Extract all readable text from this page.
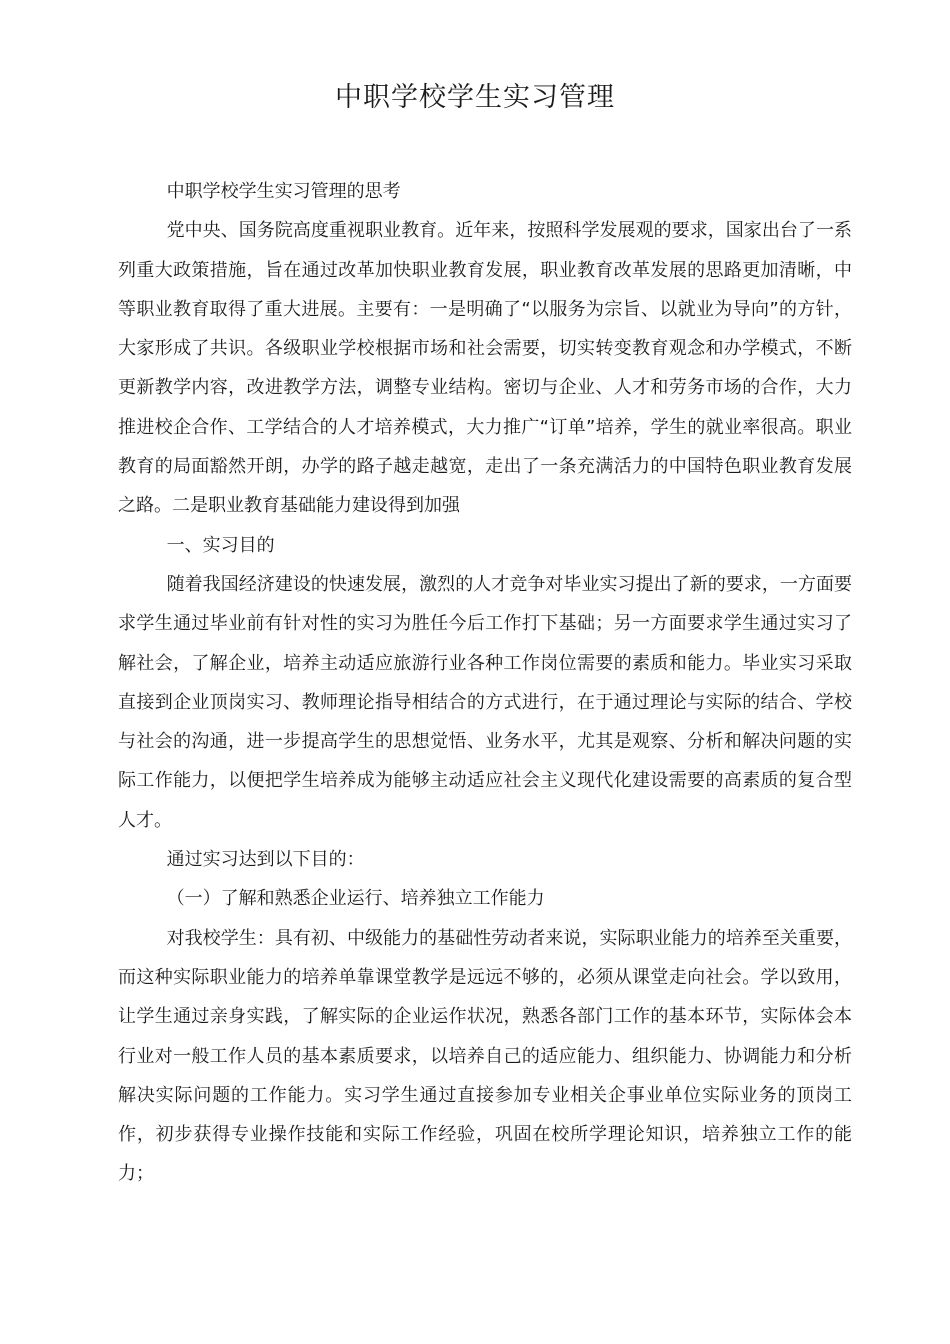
中职学校学生实习管理

中职学校学生实习管理的思考

党中央、国务院高度重视职业教育。近年来，按照科学发展观的要求，国家出台了一系列重大政策措施，旨在通过改革加快职业教育发展，职业教育改革发展的思路更加清晰，中等职业教育取得了重大进展。主要有：一是明确了“以服务为宗旨、以就业为导向”的方针，大家形成了共识。各级职业学校根据市场和社会需要，切实转变教育观念和办学模式，不断更新教学内容，改进教学方法，调整专业结构。密切与企业、人才和劳务市场的合作，大力推进校企合作、工学结合的人才培养模式，大力推广“订单”培养，学生的就业率很高。职业教育的局面豁然开朗，办学的路子越走越宽，走出了一条充满活力的中国特色职业教育发展之路。二是职业教育基础能力建设得到加强

一、实习目的

随着我国经济建设的快速发展，激烈的人才竞争对毕业实习提出了新的要求，一方面要求学生通过毕业前有针对性的实习为胜任今后工作打下基础；另一方面要求学生通过实习了解社会，了解企业，培养主动适应旅游行业各种工作岗位需要的素质和能力。毕业实习采取直接到企业顶岗实习、教师理论指导相结合的方式进行，在于通过理论与实际的结合、学校与社会的沟通，进一步提高学生的思想觉悟、业务水平，尤其是观察、分析和解决问题的实际工作能力，以便把学生培养成为能够主动适应社会主义现代化建设需要的高素质的复合型人才。

通过实习达到以下目的：

（一）了解和熟悉企业运行、培养独立工作能力

对我校学生：具有初、中级能力的基础性劳动者来说，实际职业能力的培养至关重要，而这种实际职业能力的培养单靠课堂教学是远远不够的，必须从课堂走向社会。学以致用，让学生通过亲身实践，了解实际的企业运作状况，熟悉各部门工作的基本环节，实际体会本行业对一般工作人员的基本素质要求，以培养自己的适应能力、组织能力、协调能力和分析解决实际问题的工作能力。实习学生通过直接参加专业相关企事业单位实际业务的顶岗工作，初步获得专业操作技能和实际工作经验，巩固在校所学理论知识，培养独立工作的能力；
